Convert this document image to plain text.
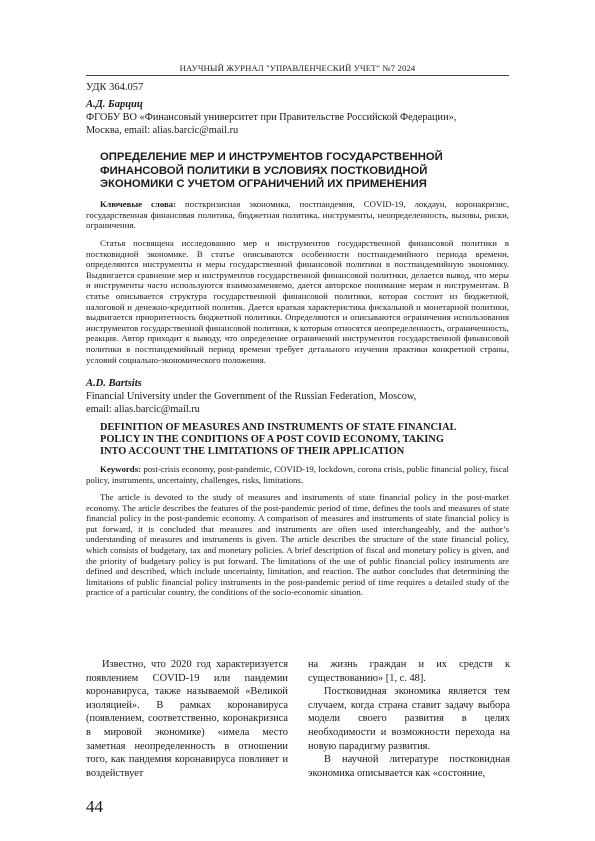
НАУЧНЫЙ ЖУРНАЛ "УПРАВЛЕНЧЕСКИЙ УЧЕТ" №7 2024
УДК 364.057
А.Д. Барциц
ФГОБУ ВО «Финансовый университет при Правительстве Российской Федерации»,
Москва, email: alias.barcic@mail.ru
ОПРЕДЕЛЕНИЕ МЕР И ИНСТРУМЕНТОВ ГОСУДАРСТВЕННОЙ
ФИНАНСОВОЙ ПОЛИТИКИ В УСЛОВИЯХ ПОСТКОВИДНОЙ
ЭКОНОМИКИ С УЧЕТОМ ОГРАНИЧЕНИЙ ИХ ПРИМЕНЕНИЯ
Ключевые слова: посткризисная экономика, постпандемия, COVID-19, локдаун, коронакризис, государственная финансовая политика, бюджетная политика, инструменты, неопределенность, вызовы, риски, ограничения.
Статья посвящена исследованию мер и инструментов государственной финансовой политики в постковидной экономике. В статье описываются особенности постпандемийного периода времени, определяются инструменты и меры государственной финансовой политики в постпандемийную экономику. Выдвигается сравнение мер и инструментов государственной финансовой политики, делается вывод, что меры и инструменты часто используются взаимозаменяемо, дается авторское понимание мерам и инструментам. В статье описывается структура государственной финансовой политики, которая состоит из бюджетной, налоговой и денежно-кредитной политик. Дается краткая характеристика фискальной и монетарной политики, выдвигается приоритетность бюджетной политики. Определяются и описываются ограничения использования инструментов государственной финансовой политики, к которым относятся неопределенность, ограниченность, реакция. Автор приходит к выводу, что определение ограничений инструментов государственной финансовой политики в постпандемийный период времени требует детального изучения практики конкретной страны, условий социально-экономического положения.
A.D. Bartsits
Financial University under the Government of the Russian Federation, Moscow,
email: alias.barcic@mail.ru
DEFINITION OF MEASURES AND INSTRUMENTS OF STATE FINANCIAL
POLICY IN THE CONDITIONS OF A POST COVID ECONOMY, TAKING
INTO ACCOUNT THE LIMITATIONS OF THEIR APPLICATION
Keywords: post-crisis economy, post-pandemic, COVID-19, lockdown, corona crisis, public financial policy, fiscal policy, instruments, uncertainty, challenges, risks, limitations.
The article is devoted to the study of measures and instruments of state financial policy in the post-market economy. The article describes the features of the post-pandemic period of time, defines the tools and measures of state financial policy in the post-pandemic economy. A comparison of measures and instruments of state financial policy is put forward, it is concluded that measures and instruments are often used interchangeably, and the author’s understanding of measures and instruments is given. The article describes the structure of the state financial policy, which consists of budgetary, tax and monetary policies. A brief description of fiscal and monetary policy is given, and the priority of budgetary policy is put forward. The limitations of the use of public financial policy instruments are defined and described, which include uncertainty, limitation, and reaction. The author concludes that determining the limitations of public financial policy instruments in the post-pandemic period of time requires a detailed study of the practice of a particular country, the conditions of the socio-economic situation.

Известно, что 2020 год характеризуется появлением COVID-19 или пандемии коронавируса, также называемой «Великой изоляцией». В рамках коронавируса (появлением, соответственно, коронакризиса в мировой экономике) «имела место заметная неопределенность в отношении того, как пандемия коронавируса повлияет и воздействует

на жизнь граждан и их средств к существованию» [1, с. 48].

Постковидная экономика является тем случаем, когда страна ставит задачу выбора модели своего развития в целях необходимости и возможности перехода на новую парадигму развития.

В научной литературе постковидная экономика описывается как «состояние,

44
